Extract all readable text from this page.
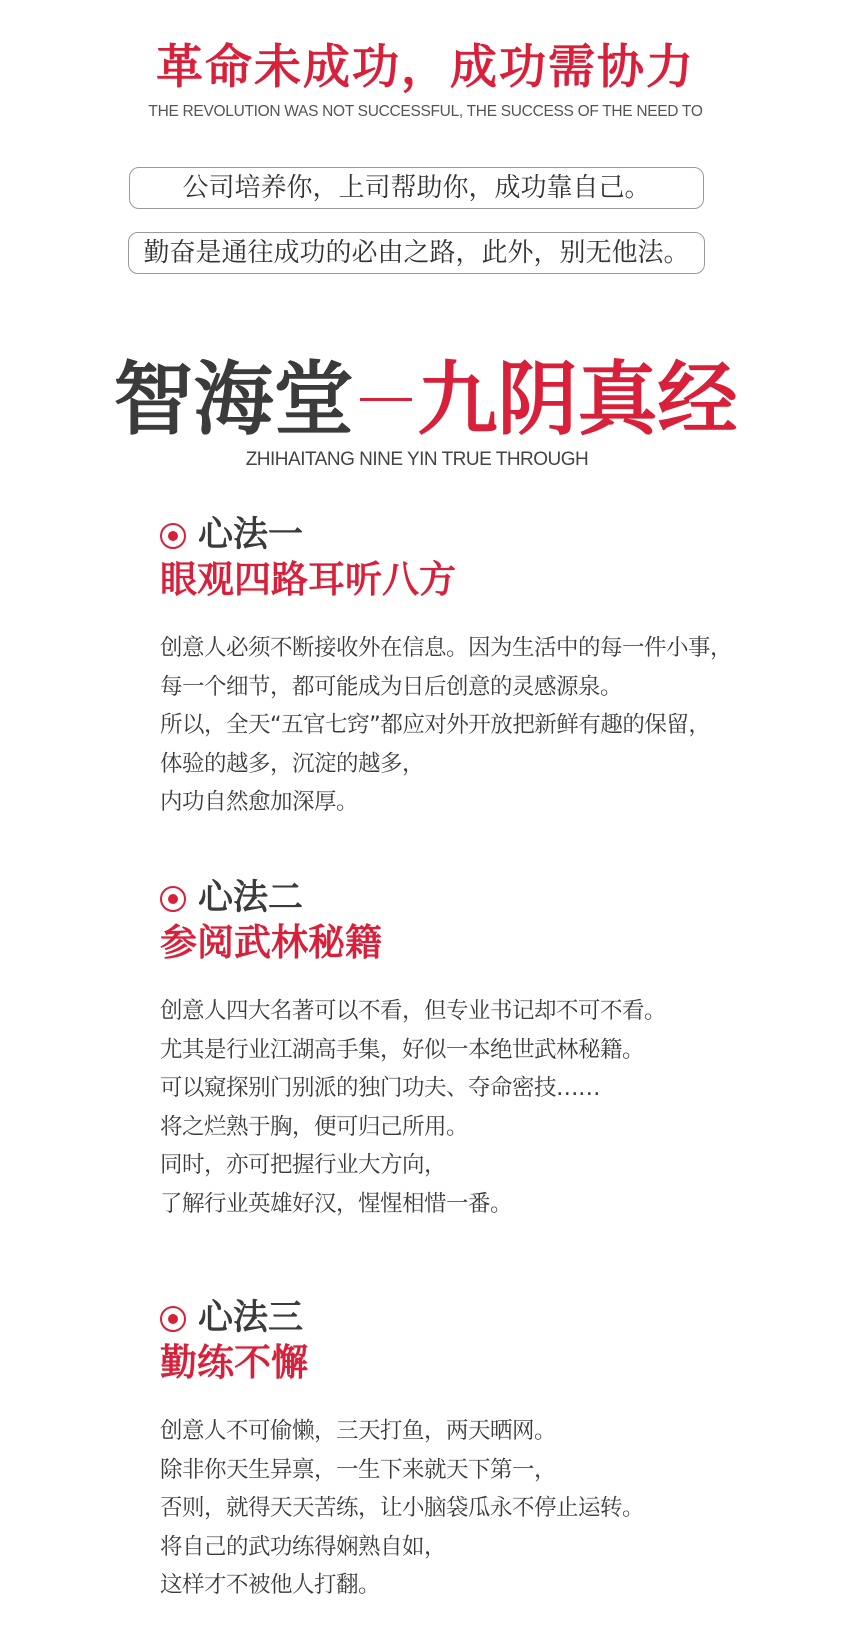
革命未成功，成功需协力
THE REVOLUTION WAS NOT SUCCESSFUL, THE SUCCESS OF THE NEED TO
公司培养你，上司帮助你，成功靠自己。
勤奋是通往成功的必由之路，此外，别无他法。
智海堂 九阴真经
ZHIHAITANG NINE YIN TRUE THROUGH
心法一
眼观四路耳听八方
创意人必须不断接收外在信息。因为生活中的每一件小事，
每一个细节，都可能成为日后创意的灵感源泉。
所以，全天“五官七窍”都应对外开放把新鲜有趣的保留，
体验的越多，沉淀的越多，
内功自然愈加深厚。
心法二
参阅武林秘籍
创意人四大名著可以不看，但专业书记却不可不看。
尤其是行业江湖高手集，好似一本绝世武林秘籍。
可以窥探别门别派的独门功夫、夺命密技……
将之烂熟于胸，便可归己所用。
同时，亦可把握行业大方向，
了解行业英雄好汉，惺惺相惜一番。
心法三
勤练不懈
创意人不可偷懒，三天打鱼，两天晒网。
除非你天生异禀，一生下来就天下第一，
否则，就得天天苦练，让小脑袋瓜永不停止运转。
将自己的武功练得娴熟自如，
这样才不被他人打翻。
